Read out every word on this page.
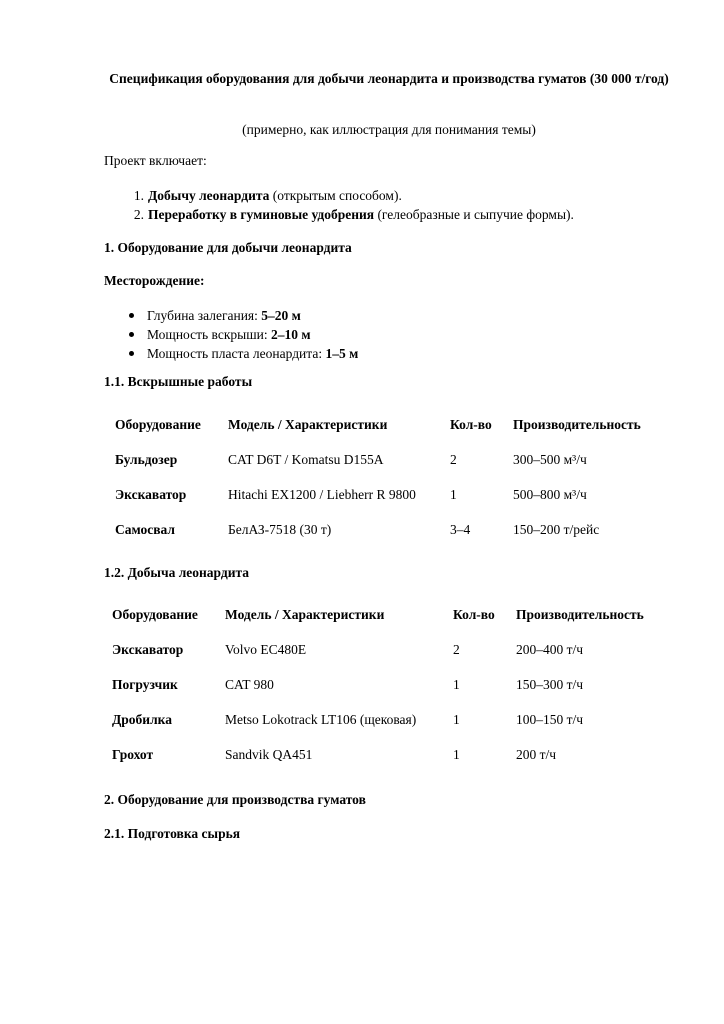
Спецификация оборудования для добычи леонардита и производства гуматов (30 000 т/год)
(примерно, как иллюстрация для понимания темы)
Проект включает:
1. Добычу леонардита (открытым способом).
2. Переработку в гуминовые удобрения (гелеобразные и сыпучие формы).
1. Оборудование для добычи леонардита
Месторождение:
Глубина залегания: 5–20 м
Мощность вскрыши: 2–10 м
Мощность пласта леонардита: 1–5 м
1.1. Вскрышные работы
Оборудование	Модель / Характеристики	Кол-во	Производительность
Бульдозер	CAT D6T / Komatsu D155A	2	300–500 м³/ч
Экскаватор	Hitachi EX1200 / Liebherr R 9800	1	500–800 м³/ч
Самосвал	БелАЗ-7518 (30 т)	3–4	150–200 т/рейс
1.2. Добыча леонардита
Оборудование	Модель / Характеристики	Кол-во	Производительность
Экскаватор	Volvo EC480E	2	200–400 т/ч
Погрузчик	CAT 980	1	150–300 т/ч
Дробилка	Metso Lokotrack LT106 (щековая)	1	100–150 т/ч
Грохот	Sandvik QA451	1	200 т/ч
2. Оборудование для производства гуматов
2.1. Подготовка сырья
